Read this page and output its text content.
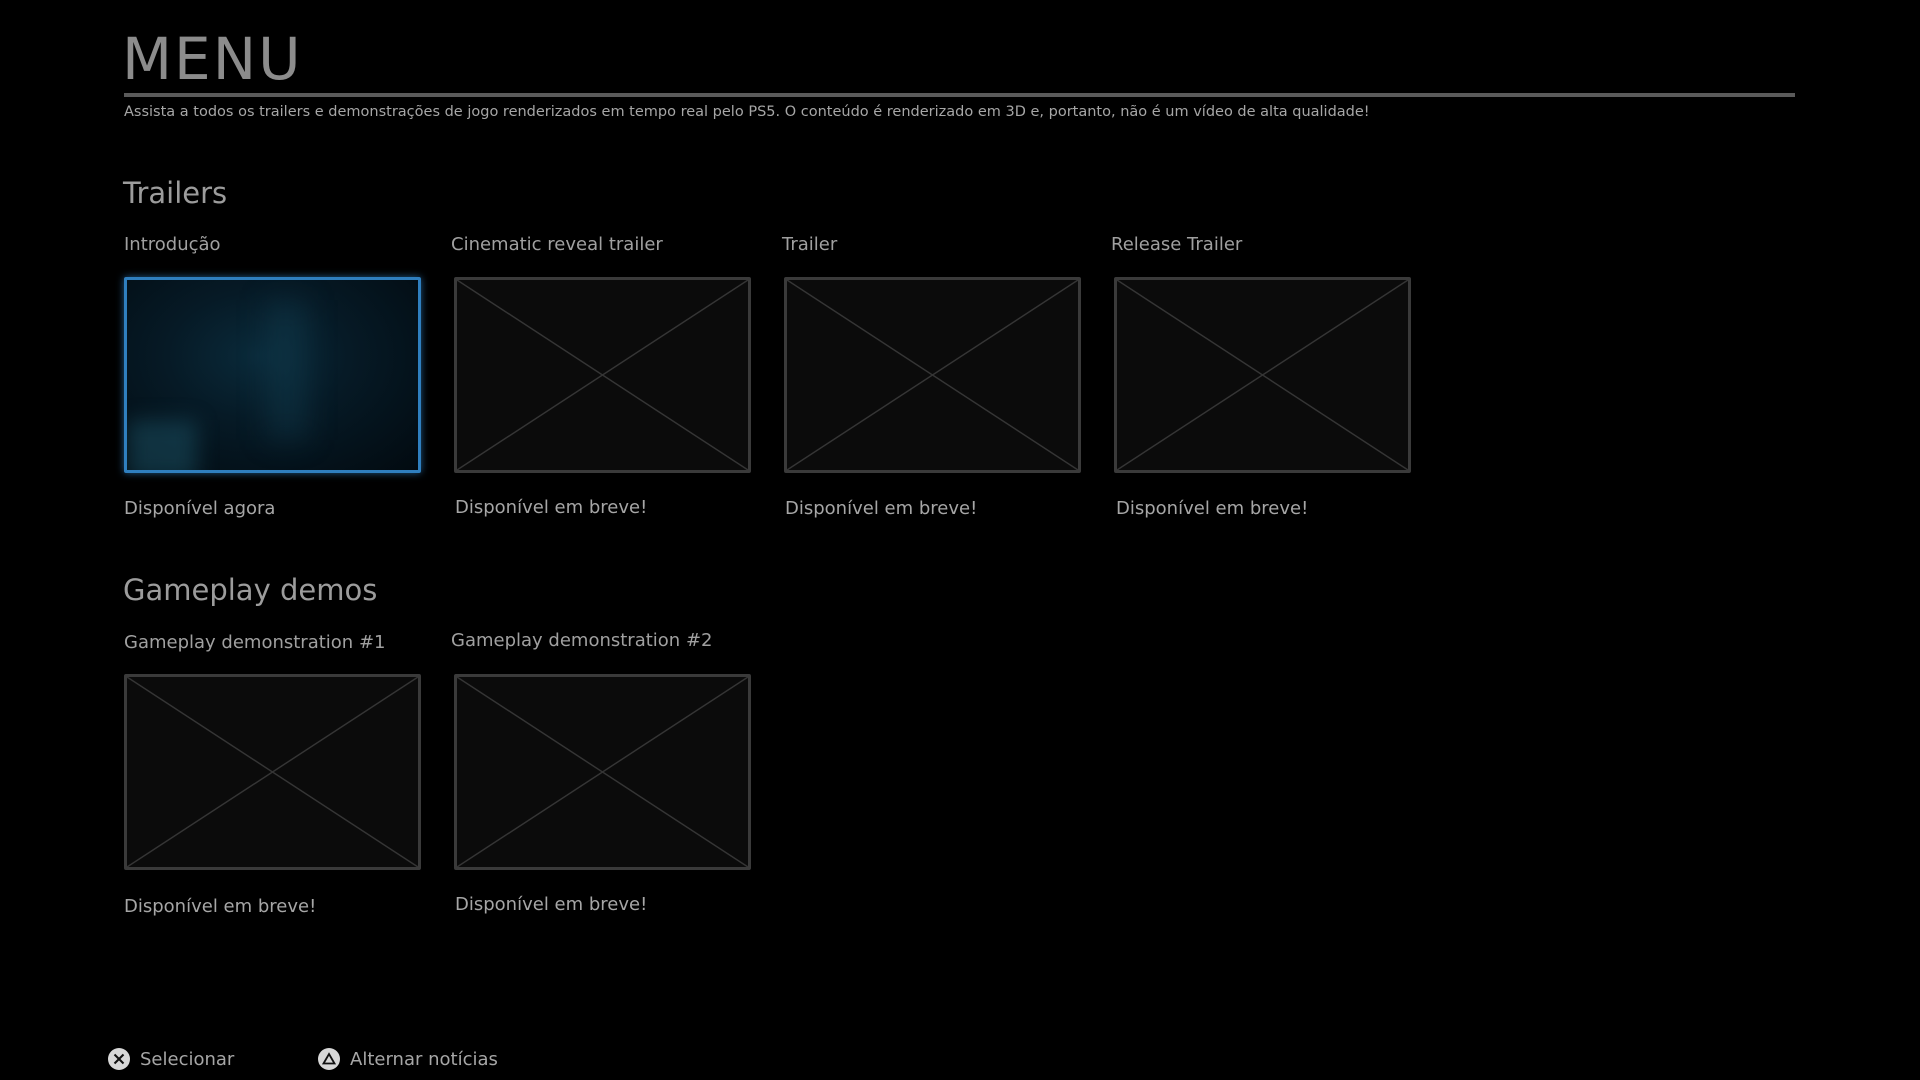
MENU
Assista a todos os trailers e demonstrações de jogo renderizados em tempo real pelo PS5. O conteúdo é renderizado em 3D e, portanto, não é um vídeo de alta qualidade!
Trailers
Introdução
Disponível agora
Cinematic reveal trailer
Disponível em breve!
Trailer
Disponível em breve!
Release Trailer
Disponível em breve!
Gameplay demos
Gameplay demonstration #1
Disponível em breve!
Gameplay demonstration #2
Disponível em breve!
Selecionar	Alternar notícias
